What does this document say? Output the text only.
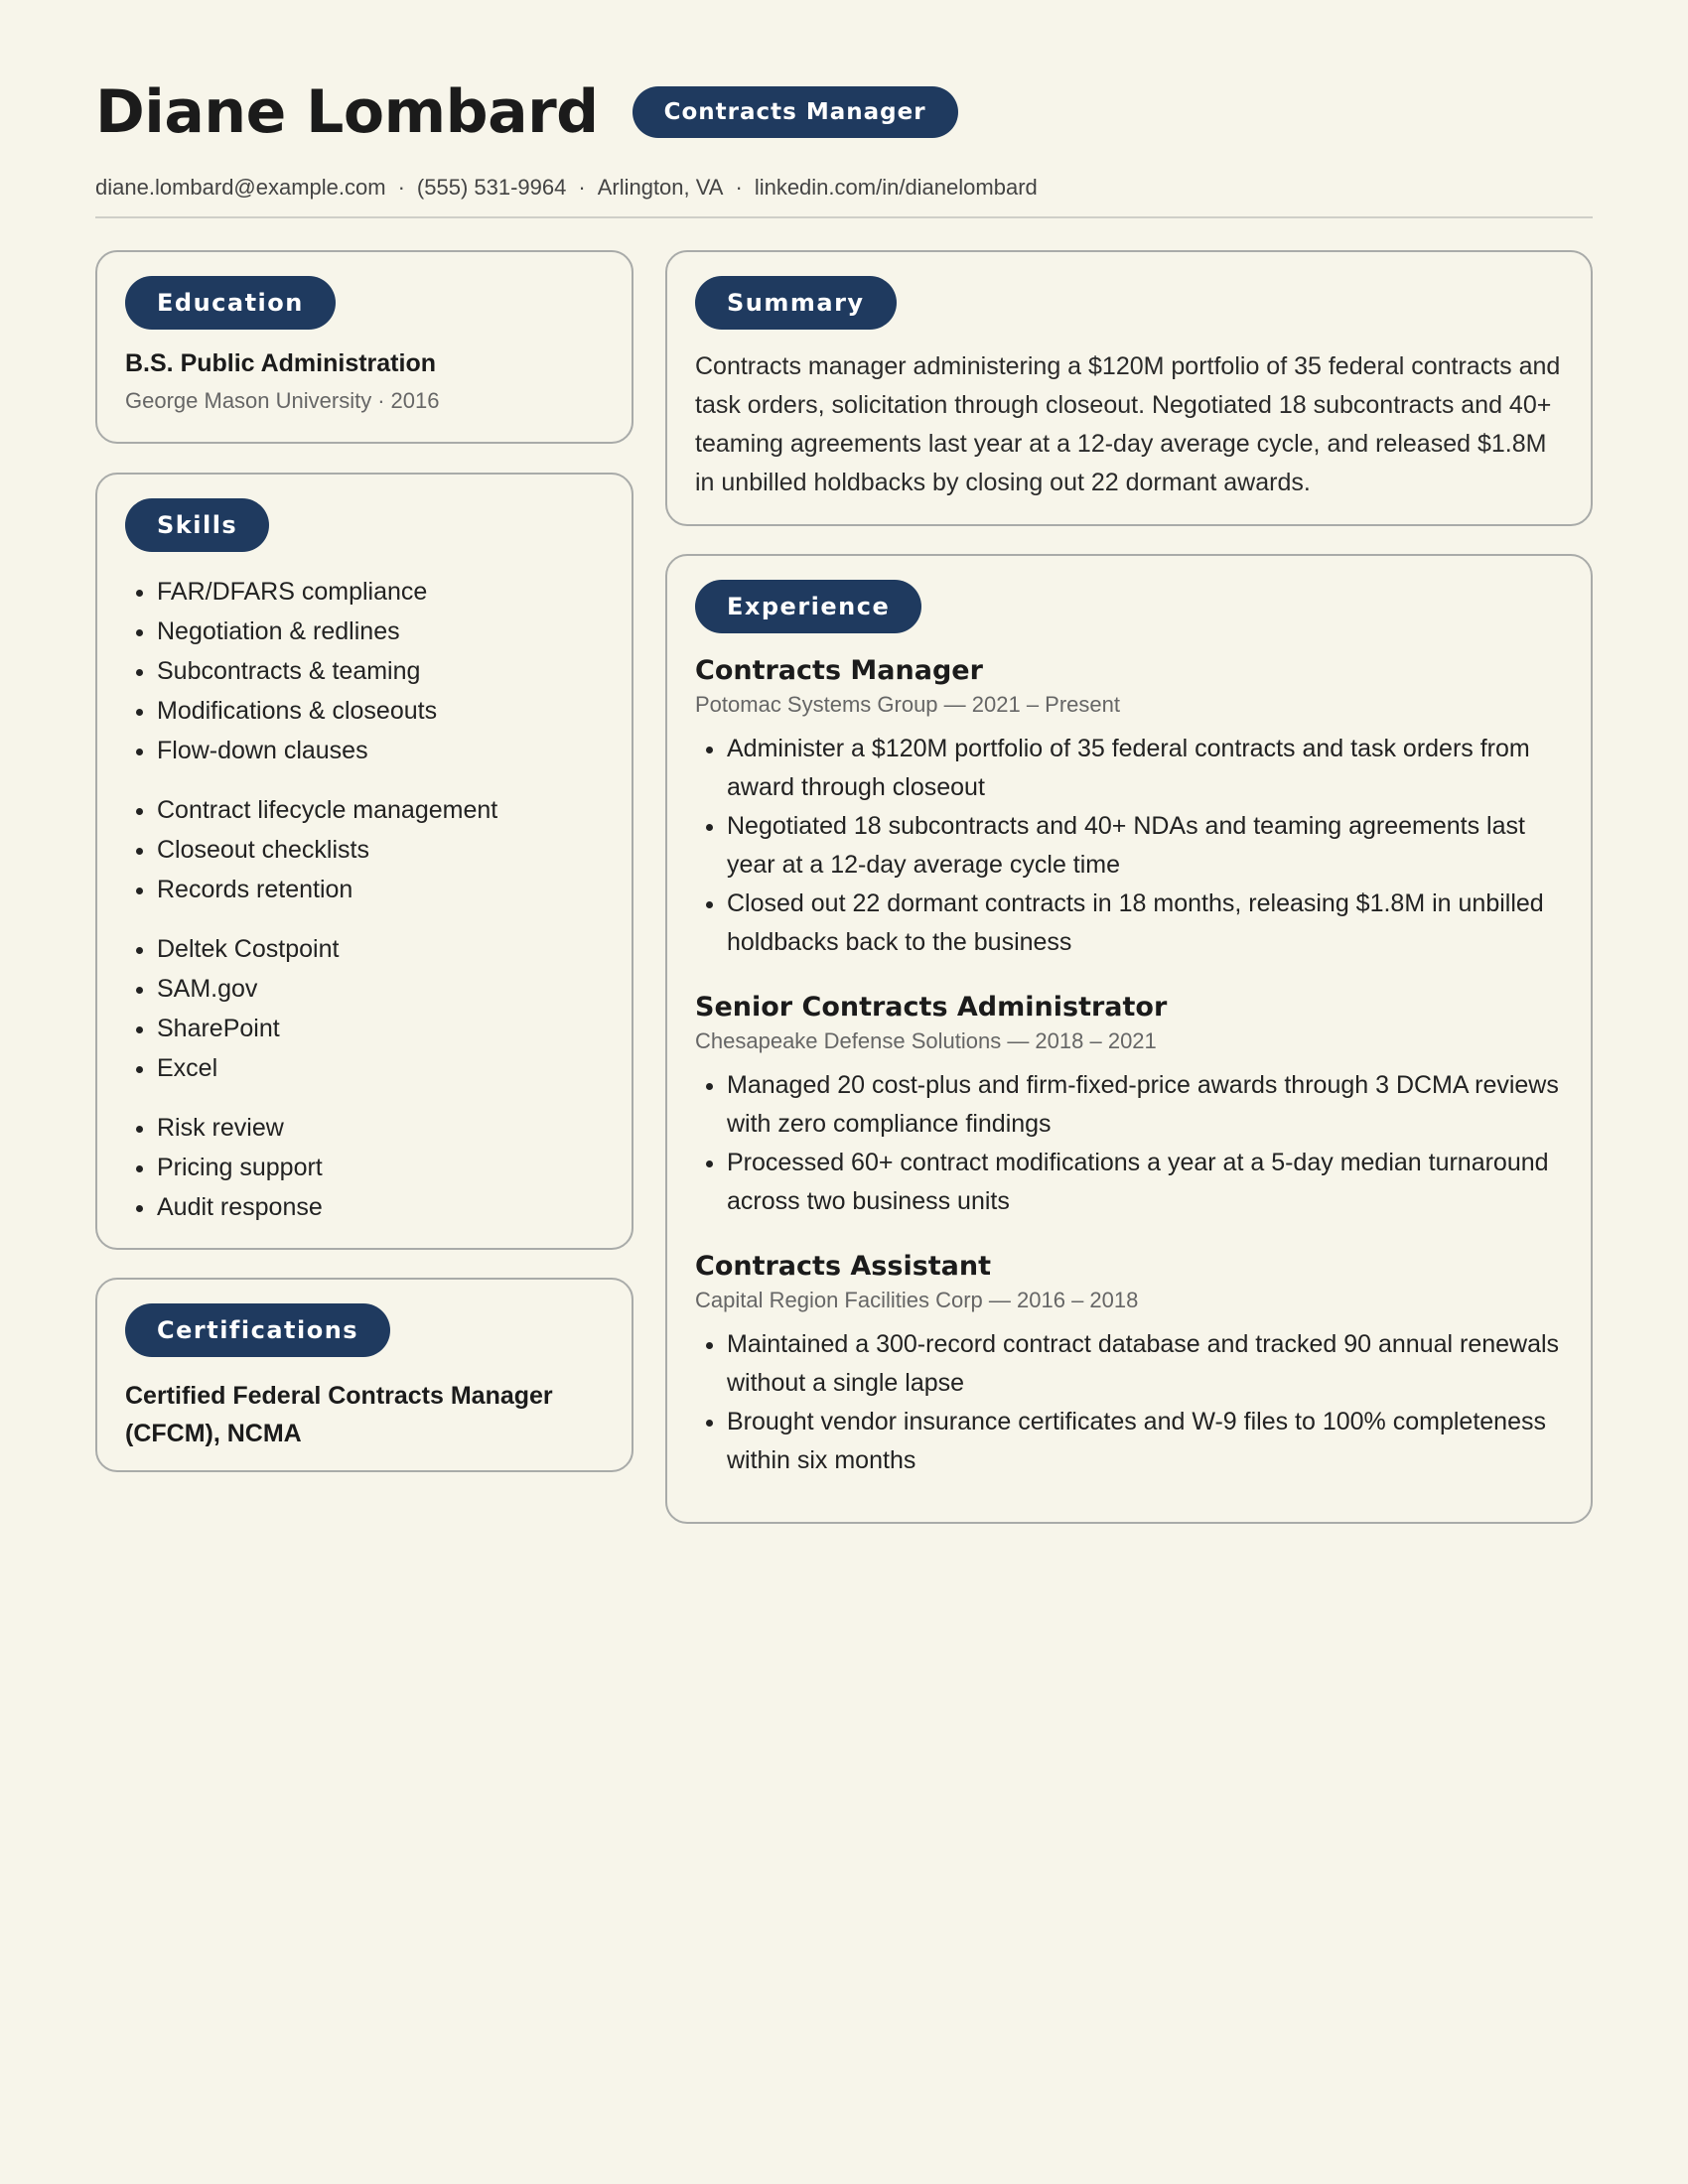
Diane Lombard	Contracts Manager
diane.lombard@example.com · (555) 531-9964 · Arlington, VA · linkedin.com/in/dianelombard
Education
B.S. Public Administration
George Mason University · 2016
Skills
• FAR/DFARS compliance
• Negotiation & redlines
• Subcontracts & teaming
• Modifications & closeouts
• Flow-down clauses
• Contract lifecycle management
• Closeout checklists
• Records retention
• Deltek Costpoint
• SAM.gov
• SharePoint
• Excel
• Risk review
• Pricing support
• Audit response
Certifications
Certified Federal Contracts Manager (CFCM), NCMA
Summary
Contracts manager administering a $120M portfolio of 35 federal contracts and task orders, solicitation through closeout. Negotiated 18 subcontracts and 40+ teaming agreements last year at a 12-day average cycle, and released $1.8M in unbilled holdbacks by closing out 22 dormant awards.
Experience
Contracts Manager
Potomac Systems Group — 2021 – Present
• Administer a $120M portfolio of 35 federal contracts and task orders from award through closeout
• Negotiated 18 subcontracts and 40+ NDAs and teaming agreements last year at a 12-day average cycle time
• Closed out 22 dormant contracts in 18 months, releasing $1.8M in unbilled holdbacks back to the business
Senior Contracts Administrator
Chesapeake Defense Solutions — 2018 – 2021
• Managed 20 cost-plus and firm-fixed-price awards through 3 DCMA reviews with zero compliance findings
• Processed 60+ contract modifications a year at a 5-day median turnaround across two business units
Contracts Assistant
Capital Region Facilities Corp — 2016 – 2018
• Maintained a 300-record contract database and tracked 90 annual renewals without a single lapse
• Brought vendor insurance certificates and W-9 files to 100% completeness within six months
